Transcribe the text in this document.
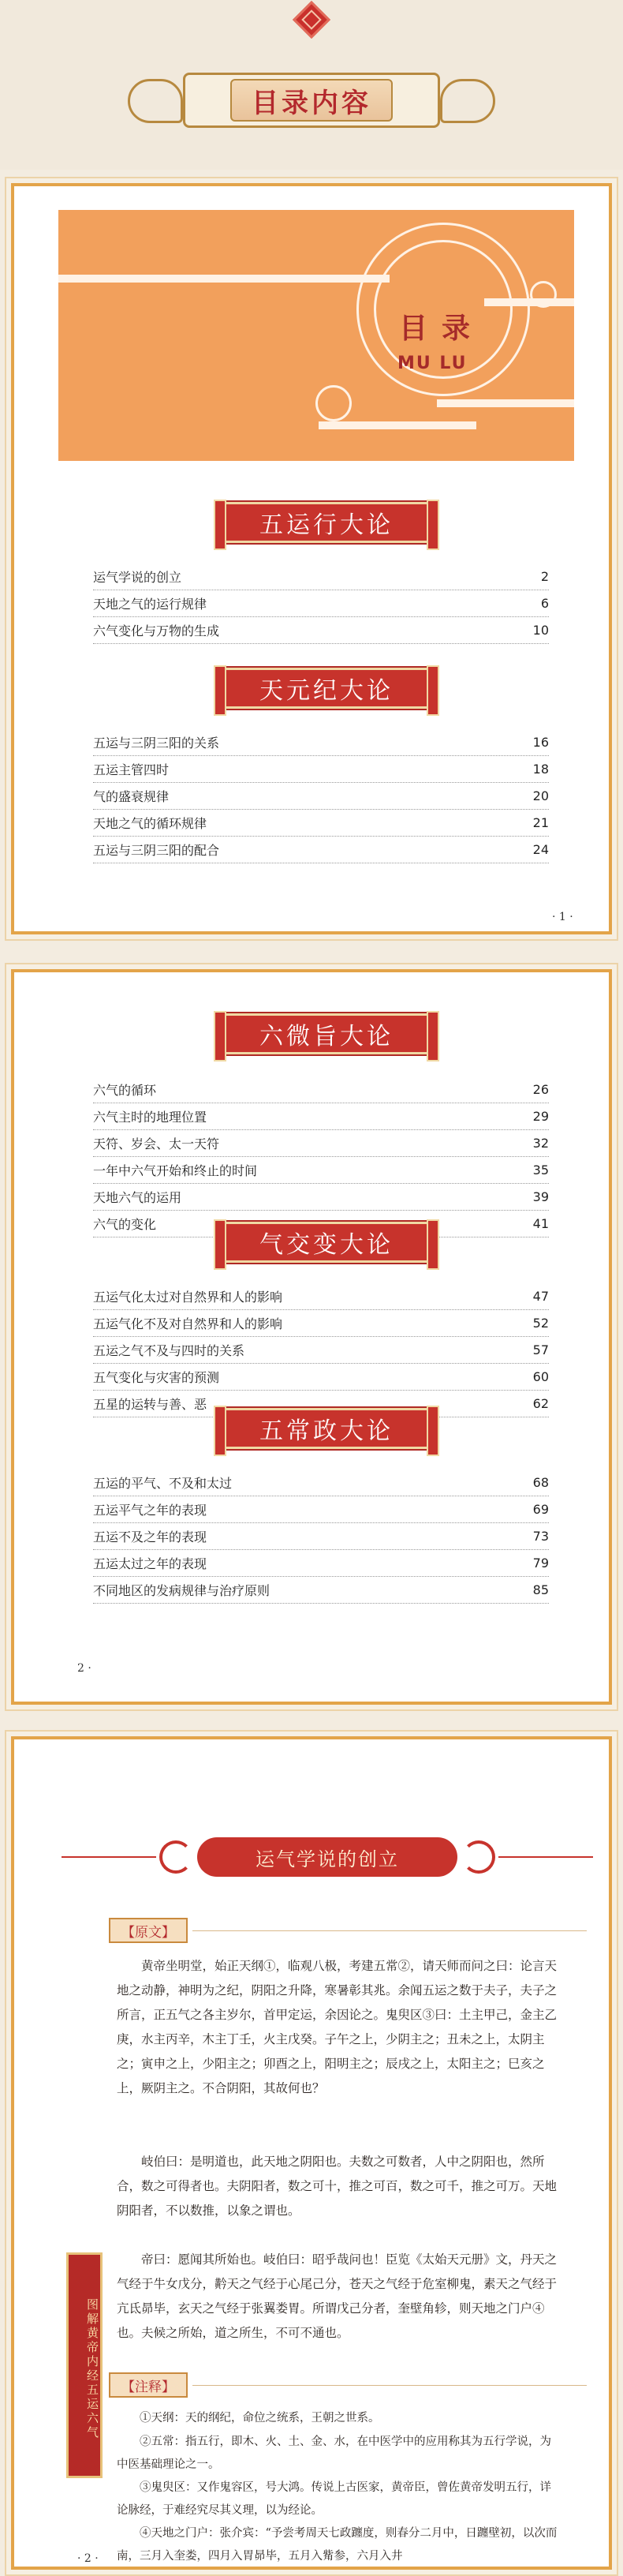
目录内容
目录
MU LU
五运行大论
运气学说的创立	2
天地之气的运行规律	6
六气变化与万物的生成	10
天元纪大论
五运与三阴三阳的关系	16
五运主管四时	18
气的盛衰规律	20
天地之气的循环规律	21
五运与三阴三阳的配合	24
· 1 ·
六微旨大论
六气的循环	26
六气主时的地理位置	29
天符、岁会、太一天符	32
一年中六气开始和终止的时间	35
天地六气的运用	39
六气的变化	41
气交变大论
五运气化太过对自然界和人的影响	47
五运气化不及对自然界和人的影响	52
五运之气不及与四时的关系	57
五气变化与灾害的预测	60
五星的运转与善、恶	62
五常政大论
五运的平气、不及和太过	68
五运平气之年的表现	69
五运不及之年的表现	73
五运太过之年的表现	79
不同地区的发病规律与治疗原则	85
2 ·
运气学说的创立
【原文】
图解黄帝内经五运六气
黄帝坐明堂，始正天纲①，临观八极，考建五常②，请天师而问之曰：论言天地之动静，神明为之纪，阴阳之升降，寒暑彰其兆。余闻五运之数于夫子，夫子之所言，正五气之各主岁尔，首甲定运，余因论之。鬼臾区③曰：土主甲己，金主乙庚，水主丙辛，木主丁壬，火主戊癸。子午之上，少阴主之；丑未之上，太阴主之；寅申之上，少阳主之；卯酉之上，阳明主之；辰戌之上，太阳主之；巳亥之上，厥阴主之。不合阴阳，其故何也？
岐伯曰：是明道也，此天地之阴阳也。夫数之可数者，人中之阴阳也，然所合，数之可得者也。夫阴阳者，数之可十，推之可百，数之可千，推之可万。天地阴阳者，不以数推，以象之谓也。
帝曰：愿闻其所始也。岐伯曰：昭乎哉问也！臣览《太始天元册》文，丹天之气经于牛女戊分，黅天之气经于心尾己分，苍天之气经于危室柳鬼，素天之气经于亢氐昴毕，玄天之气经于张翼娄胃。所谓戊己分者，奎壁角轸，则天地之门户④也。夫候之所始，道之所生，不可不通也。
【注释】
①天纲：天的纲纪，命位之统系，王朝之世系。
②五常：指五行，即木、火、土、金、水，在中医学中的应用称其为五行学说，为中医基础理论之一。
③鬼臾区：又作鬼容区，号大鸿。传说上古医家，黄帝臣，曾佐黄帝发明五行，详论脉经，于难经究尽其义理，以为经论。
④天地之门户：张介宾：“予尝考周天七政躔度，则春分二月中，日躔壁初，以次而南，三月入奎娄，四月入胃昴毕，五月入觜参，六月入井
· 2 ·
